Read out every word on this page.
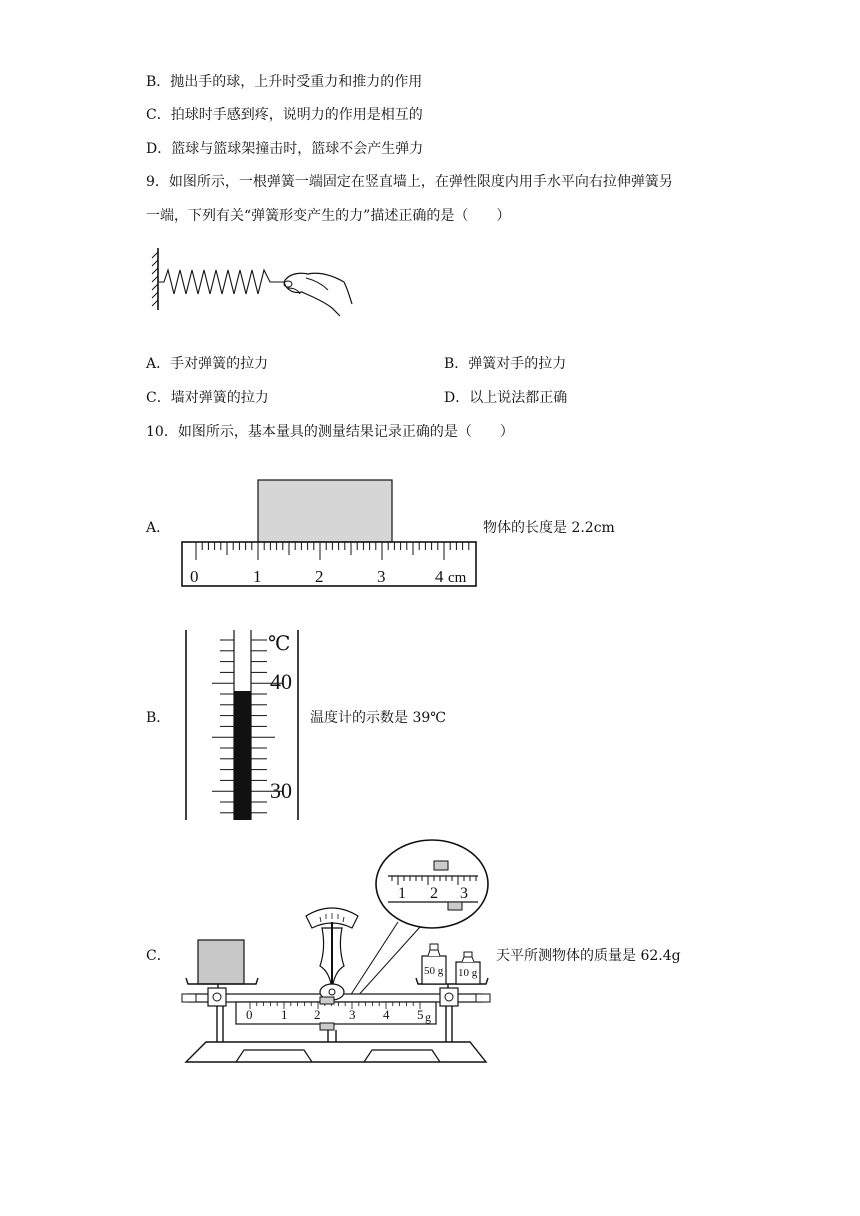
B．抛出手的球，上升时受重力和推力的作用
C．拍球时手感到疼，说明力的作用是相互的
D．篮球与篮球架撞击时，篮球不会产生弹力
9．如图所示，一根弹簧一端固定在竖直墙上，在弹性限度内用手水平向右拉伸弹簧另
一端，下列有关“弹簧形变产生的力”描述正确的是（　　）
A．手对弹簧的拉力	B．弹簧对手的拉力
C．墙对弹簧的拉力	D．以上说法都正确
10．如图所示，基本量具的测量结果记录正确的是（　　）
A．
0	1	2	3	4 cm
物体的长度是 2.2cm
B．
℃
40
30
温度计的示数是 39℃
C．
1 2 3
50 g 10 g
0 1 2 3 4 5 g
天平所测物体的质量是 62.4g
